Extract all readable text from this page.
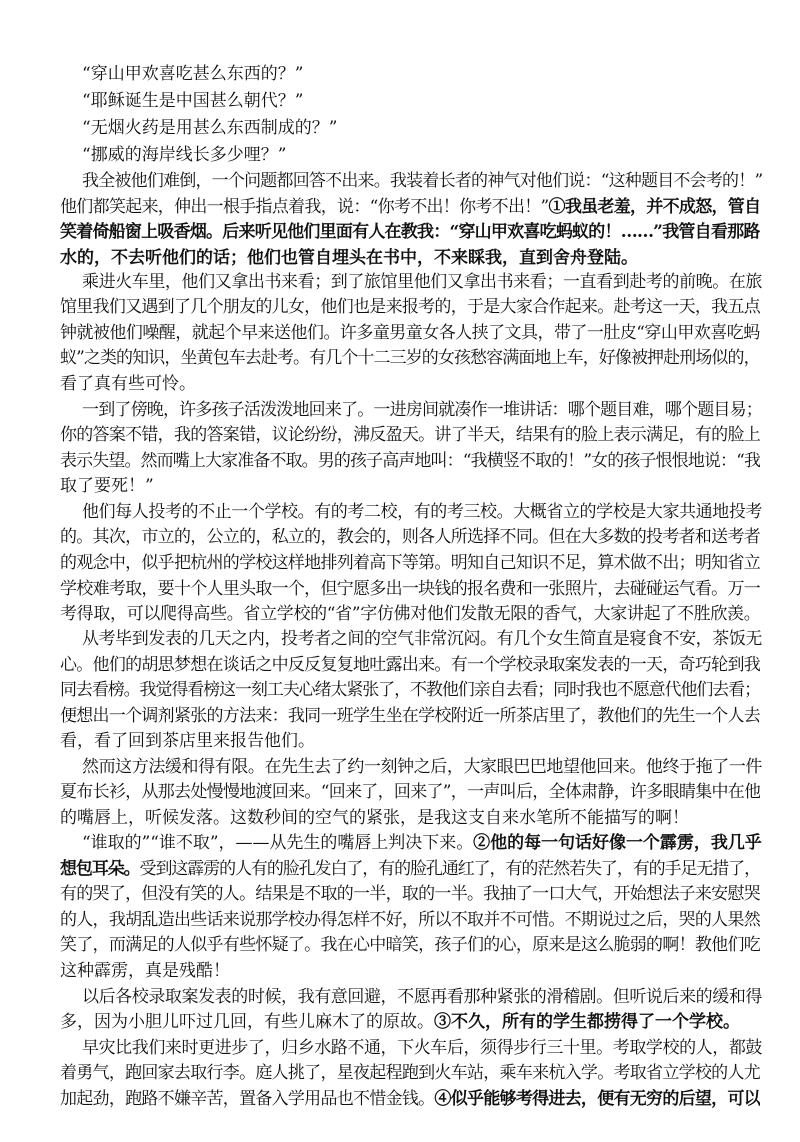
“穿山甲欢喜吃甚么东西的？”
“耶稣诞生是中国甚么朝代？”
“无烟火药是用甚么东西制成的？”
“挪威的海岸线长多少哩？”
我全被他们难倒，一个问题都回答不出来。我装着长者的神气对他们说：“这种题目不会考的！”
他们都笑起来，伸出一根手指点着我，说：“你考不出！你考不出！”①我虽老羞，并不成怒，管自
笑着倚船窗上吸香烟。后来听见他们里面有人在教我：“穿山甲欢喜吃蚂蚁的！……”我管自看那路
水的，不去听他们的话；他们也管自埋头在书中，不来睬我，直到舍舟登陆。
乘进火车里，他们又拿出书来看；到了旅馆里他们又拿出书来看；一直看到赴考的前晚。在旅
馆里我们又遇到了几个朋友的儿女，他们也是来报考的，于是大家合作起来。赴考这一天，我五点
钟就被他们噪醒，就起个早来送他们。许多童男童女各人挟了文具，带了一肚皮“穿山甲欢喜吃蚂
蚁”之类的知识，坐黄包车去赴考。有几个十二三岁的女孩愁容满面地上车，好像被押赴刑场似的，
看了真有些可怜。
一到了傍晚，许多孩子活泼泼地回来了。一进房间就凑作一堆讲话：哪个题目难，哪个题目易；
你的答案不错，我的答案错，议论纷纷，沸反盈天。讲了半天，结果有的脸上表示满足，有的脸上
表示失望。然而嘴上大家准备不取。男的孩子高声地叫：“我横竖不取的！”女的孩子恨恨地说：“我
取了要死！”
他们每人投考的不止一个学校。有的考二校，有的考三校。大概省立的学校是大家共通地投考
的。其次，市立的，公立的，私立的，教会的，则各人所选择不同。但在大多数的投考者和送考者
的观念中，似乎把杭州的学校这样地排列着高下等第。明知自己知识不足，算术做不出；明知省立
学校难考取，要十个人里头取一个，但宁愿多出一块钱的报名费和一张照片，去碰碰运气看。万一
考得取，可以爬得高些。省立学校的“省”字仿佛对他们发散无限的香气，大家讲起了不胜欣羡。
从考毕到发表的几天之内，投考者之间的空气非常沉闷。有几个女生简直是寝食不安，茶饭无
心。他们的胡思梦想在谈话之中反反复复地吐露出来。有一个学校录取案发表的一天，奇巧轮到我
同去看榜。我觉得看榜这一刻工夫心绪太紧张了，不教他们亲自去看；同时我也不愿意代他们去看；
便想出一个调剂紧张的方法来：我同一班学生坐在学校附近一所茶店里了，教他们的先生一个人去
看，看了回到茶店里来报告他们。
然而这方法缓和得有限。在先生去了约一刻钟之后，大家眼巴巴地望他回来。他终于拖了一件
夏布长衫，从那去处慢慢地渡回来。“回来了，回来了”，一声叫后，全体肃静，许多眼睛集中在他
的嘴唇上，听候发落。这数秒间的空气的紧张，是我这支自来水笔所不能描写的啊！
“谁取的”“谁不取”，——从先生的嘴唇上判决下来。②他的每一句话好像一个霹雳，我几乎
想包耳朵。受到这霹雳的人有的脸孔发白了，有的脸孔通红了，有的茫然若失了，有的手足无措了，
有的哭了，但没有笑的人。结果是不取的一半，取的一半。我抽了一口大气，开始想法子来安慰哭
的人，我胡乱造出些话来说那学校办得怎样不好，所以不取并不可惜。不期说过之后，哭的人果然
笑了，而满足的人似乎有些怀疑了。我在心中暗笑，孩子们的心，原来是这么脆弱的啊！教他们吃
这种霹雳，真是残酷！
以后各校录取案发表的时候，我有意回避，不愿再看那种紧张的滑稽剧。但听说后来的缓和得
多，因为小胆儿吓过几回，有些儿麻木了的原故。③不久，所有的学生都捞得了一个学校。
早灾比我们来时更进步了，归乡水路不通，下火车后，须得步行三十里。考取学校的人，都鼓
着勇气，跑回家去取行李。庭人挑了，星夜起程跑到火车站，乘车来杭入学。考取省立学校的人尤
加起劲，跑路不嫌辛苦，置备入学用品也不惜金钱。④似乎能够考得进去，便有无穷的后望，可以
